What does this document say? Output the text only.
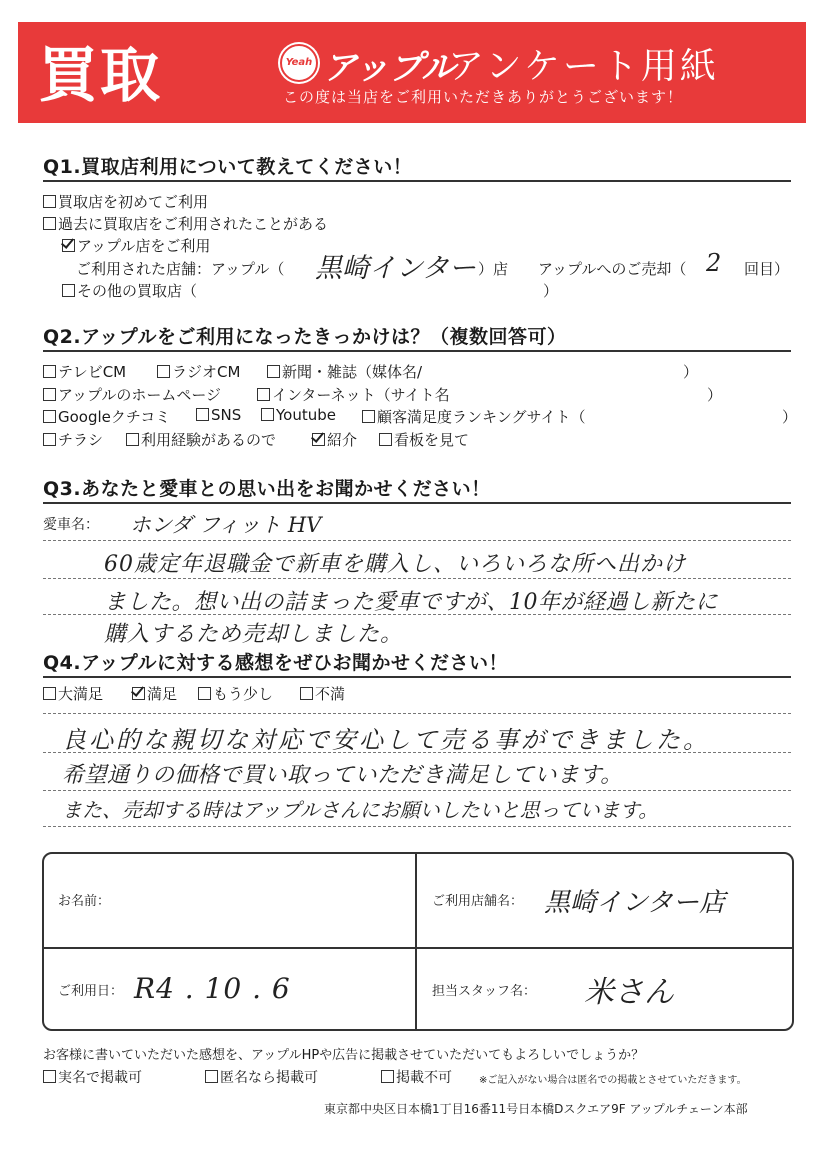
買取	Yeah アップル
アンケート用紙
この度は当店をご利用いただきありがとうございます！
Q1.買取店利用について教えてください！
買取店を初めてご利用
過去に買取店をご利用されたことがある
アップル店をご利用
ご利用された店舗：アップル（ 黒崎インター ）店 アップルへのご売却（ 2 回目）
その他の買取店（	）
Q2.アップルをご利用になったきっかけは？（複数回答可）
テレビCM	ラジオCM	新聞・雑誌（媒体名/	）
アップルのホームページ	インターネット（サイト名	）
Googleクチコミ	SNS	Youtube	顧客満足度ランキングサイト（	）
チラシ	利用経験があるので	紹介	看板を見て
Q3.あなたと愛車との思い出をお聞かせください！
愛車名： ホンダ フィット HV
60歳定年退職金で新車を購入し、いろいろな所へ出かけ
ました。想い出の詰まった愛車ですが、10年が経過し新たに
購入するため売却しました。
Q4.アップルに対する感想をぜひお聞かせください！
大満足	満足	もう少し	不満
良心的な親切な対応で安心して売る事ができました。
希望通りの価格で買い取っていただき満足しています。
また、売却する時はアップルさんにお願いしたいと思っています。
お名前：	ご利用店舗名： 黒崎インター店
ご利用日： R4 . 10 . 6	担当スタッフ名： 米さん
お客様に書いていただいた感想を、アップルHPや広告に掲載させていただいてもよろしいでしょうか？
実名で掲載可	匿名なら掲載可	掲載不可	※ご記入がない場合は匿名での掲載とさせていただきます。
東京都中央区日本橋1丁目16番11号日本橋Dスクエア9F アップルチェーン本部
